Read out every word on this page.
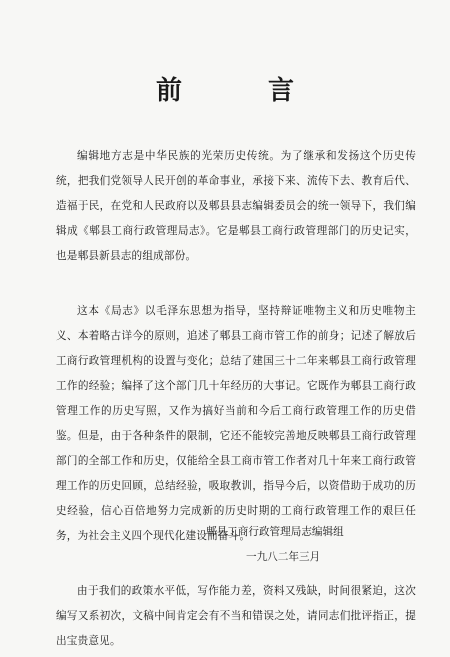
前　言

编辑地方志是中华民族的光荣历史传统。为了继承和发扬这个历史传统，把我们党领导人民开创的革命事业，承接下来、流传下去、教育后代、造福于民，在党和人民政府以及郫县县志编辑委员会的统一领导下，我们编辑成《郫县工商行政管理局志》。它是郫县工商行政管理部门的历史记实，也是郫县新县志的组成部份。

这本《局志》以毛泽东思想为指导，坚持辩证唯物主义和历史唯物主义、本着略古详今的原则，追述了郫县工商市管工作的前身；记述了解放后工商行政管理机构的设置与变化；总结了建国三十二年来郫县工商行政管理工作的经验；编择了这个部门几十年经历的大事记。它既作为郫县工商行政管理工作的历史写照，又作为搞好当前和今后工商行政管理工作的历史借鉴。但是，由于各种条件的限制，它还不能较完善地反映郫县工商行政管理部门的全部工作和历史，仅能给全县工商市管工作者对几十年来工商行政管理工作的历史回顾，总结经验，吸取教训，指导今后，以资借助于成功的历史经验，信心百倍地努力完成新的历史时期的工商行政管理工作的艰巨任务，为社会主义四个现代化建设而奋斗。

由于我们的政策水平低，写作能力差，资料又残缺，时间很紧迫，这次编写又系初次，文稿中间肯定会有不当和错误之处，请同志们批评指正，提出宝贵意见。

郫县工商行政管理局志编辑组
一九八二年三月
